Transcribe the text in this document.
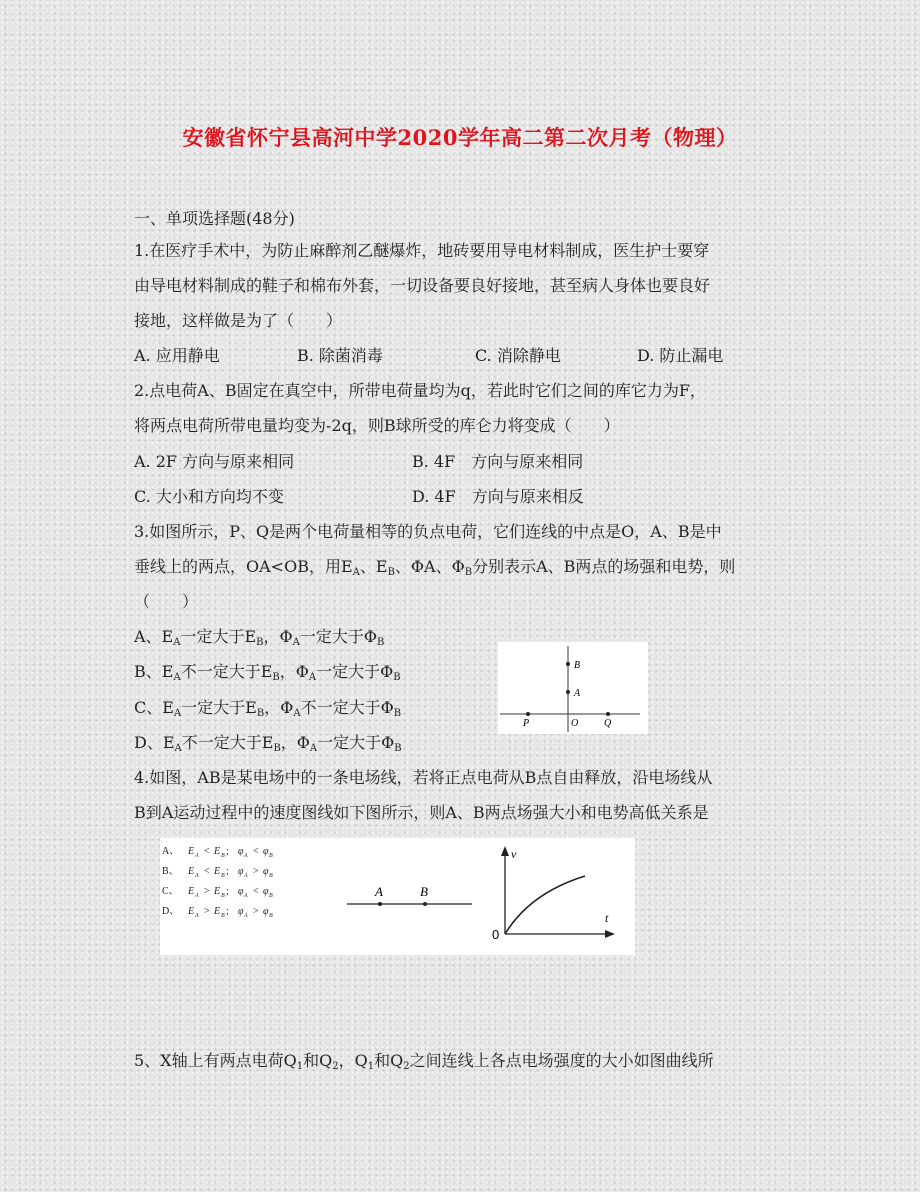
安徽省怀宁县高河中学2020学年高二第二次月考（物理）
一、单项选择题(48分)
1.在医疗手术中，为防止麻醉剂乙醚爆炸，地砖要用导电材料制成，医生护士要穿
由导电材料制成的鞋子和棉布外套，一切设备要良好接地，甚至病人身体也要良好
接地，这样做是为了（　　）
A. 应用静电	B. 除菌消毒	C. 消除静电	D. 防止漏电
2.点电荷A、B固定在真空中，所带电荷量均为q，若此时它们之间的库它力为F，
将两点电荷所带电量均变为-2q，则B球所受的库仑力将变成（　　）
A. 2F 方向与原来相同	B. 4F　方向与原来相同
C. 大小和方向均不变	D. 4F　方向与原来相反
3.如图所示，P、Q是两个电荷量相等的负点电荷，它们连线的中点是O，A、B是中
垂线上的两点，OA<OB，用$E_A$、$E_B$、ΦA、$\Phi_B$分别表示A、B两点的场强和电势，则
（　　）
A、$E_A$一定大于$E_B$，$\Phi_A$一定大于$\Phi_B$
B、$E_A$不一定大于$E_B$，$\Phi_A$一定大于$\Phi_B$
C、$E_A$一定大于$E_B$，$\Phi_A$不一定大于$\Phi_B$
D、$E_A$不一定大于$E_B$，$\Phi_A$一定大于$\Phi_B$
B
A
O
P	Q
4.如图，AB是某电场中的一条电场线，若将正点电荷从B点自由释放，沿电场线从
B到A运动过程中的速度图线如下图所示，则A、B两点场强大小和电势高低关系是
A、 E A < E B ; φ A < φ B
B、 E A < E B ; φ A > φ B
C、 E A > E B ; φ A < φ B
D、 E A > E B ; φ A > φ B
A	B
v
t
0
5、X轴上有两点电荷$Q_1$和$Q_2$，$Q_1$和$Q_2$之间连线上各点电场强度的大小如图曲线所
